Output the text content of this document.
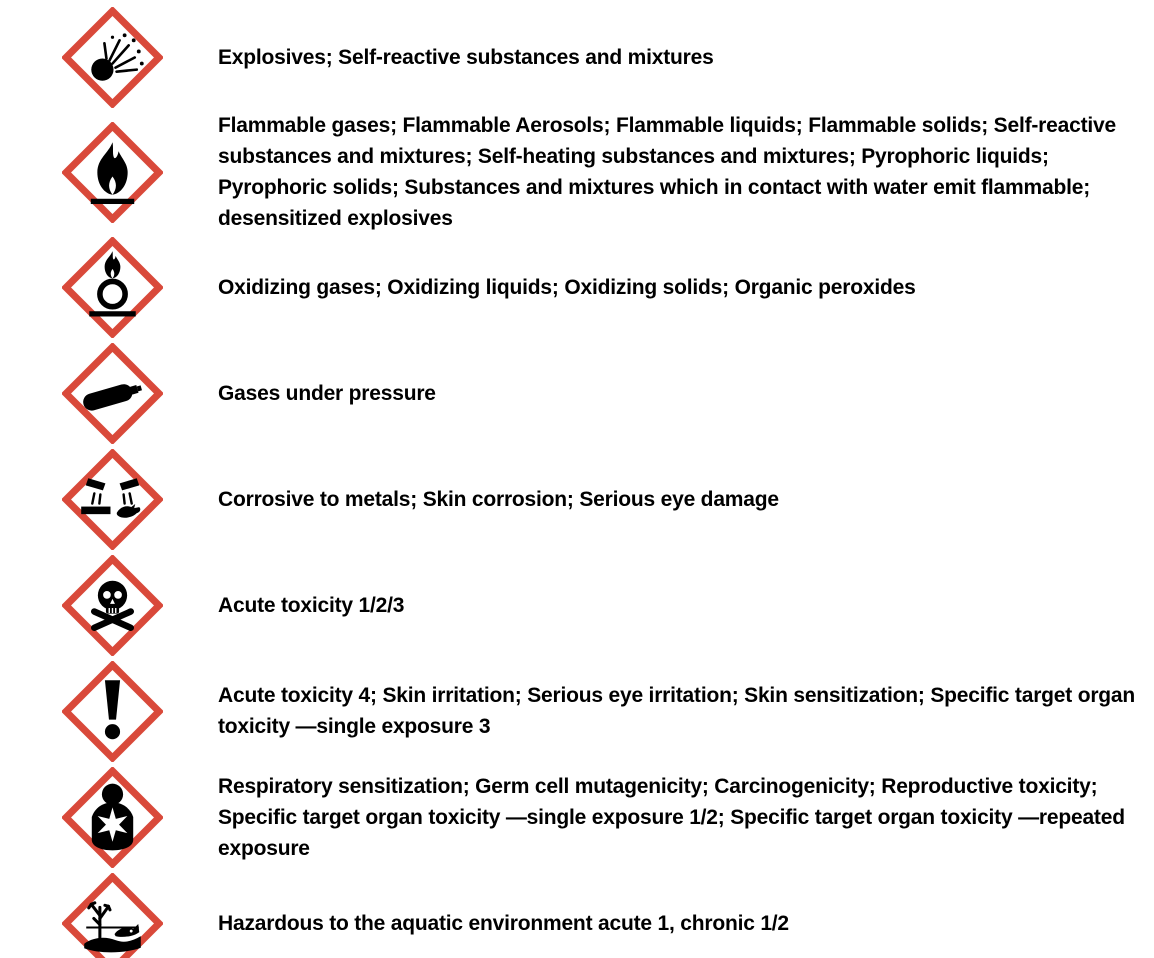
Explosives; Self-reactive substances and mixtures
Flammable gases; Flammable Aerosols; Flammable liquids; Flammable solids; Self-reactive substances and mixtures; Self-heating substances and mixtures; Pyrophoric liquids; Pyrophoric solids; Substances and mixtures which in contact with water emit flammable; desensitized explosives
Oxidizing gases; Oxidizing liquids; Oxidizing solids; Organic peroxides
Gases under pressure
Corrosive to metals; Skin corrosion; Serious eye damage
Acute toxicity 1/2/3
Acute toxicity 4; Skin irritation; Serious eye irritation; Skin sensitization; Specific target organ toxicity —single exposure 3
Respiratory sensitization; Germ cell mutagenicity; Carcinogenicity; Reproductive toxicity; Specific target organ toxicity —single exposure 1/2; Specific target organ toxicity —repeated exposure
Hazardous to the aquatic environment acute 1, chronic 1/2
